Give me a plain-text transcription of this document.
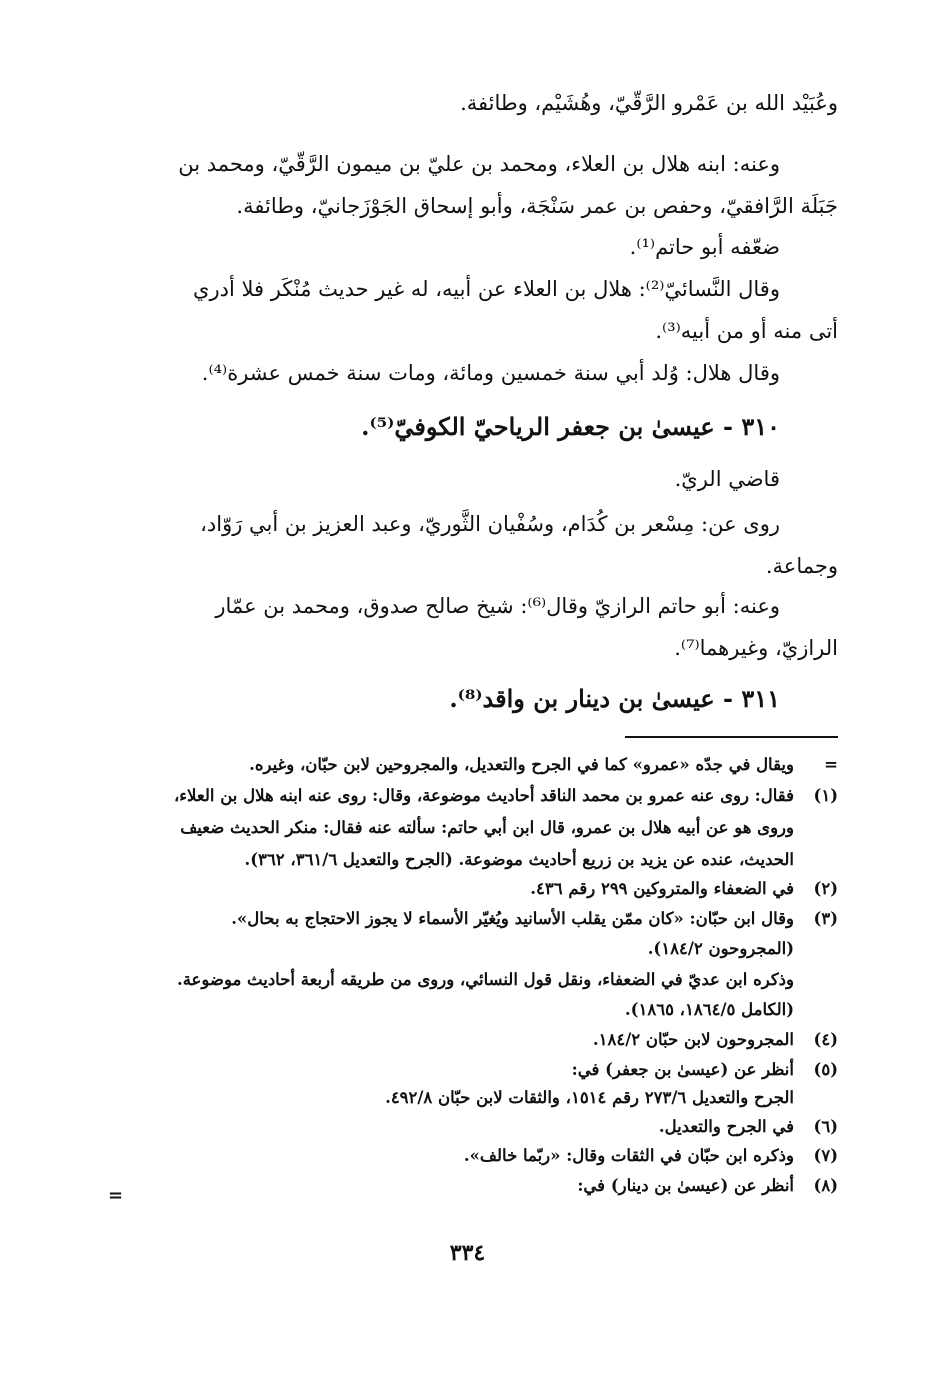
وعُبَيْد الله بن عَمْرو الرَّقّيّ، وهُشَيْم، وطائفة.
وعنه: ابنه هلال بن العلاء، ومحمد بن عليّ بن ميمون الرَّقّيّ، ومحمد بن
جَبَلَة الرَّافقيّ، وحفص بن عمر سَنْجَة، وأبو إسحاق الجَوْزَجانيّ، وطائفة.
ضعّفه أبو حاتم⁽¹⁾.
وقال النَّسائيّ⁽²⁾: هلال بن العلاء عن أبيه، له غير حديث مُنْكَر فلا أدري
أتى منه أو من أبيه⁽³⁾.
وقال هلال: وُلد أبي سنة خمسين ومائة، ومات سنة خمس عشرة⁽⁴⁾.
٣١٠ - عيسىٰ بن جعفر الرياحيّ الكوفيّ⁽⁵⁾.
قاضي الريّ.
روى عن: مِسْعر بن كُدَام، وسُفْيان الثَّوريّ، وعبد العزيز بن أبي رَوّاد،
وجماعة.
وعنه: أبو حاتم الرازيّ وقال⁽⁶⁾: شيخ صالح صدوق، ومحمد بن عمّار
الرازيّ، وغيرهما⁽⁷⁾.
٣١١ - عيسىٰ بن دينار بن واقد⁽⁸⁾.
=
ويقال في جدّه «عمرو» كما في الجرح والتعديل، والمجروحين لابن حبّان، وغيره.
(١)
فقال: روى عنه عمرو بن محمد الناقد أحاديث موضوعة، وقال: روى عنه ابنه هلال بن العلاء،
وروى هو عن أبيه هلال بن عمرو، قال ابن أبي حاتم: سألته عنه فقال: منكر الحديث ضعيف
الحديث، عنده عن يزيد بن زريع أحاديث موضوعة. (الجرح والتعديل ٣٦١/٦، ٣٦٢).
(٢)
في الضعفاء والمتروكين ٢٩٩ رقم ٤٣٦.
(٣)
وقال ابن حبّان: «كان ممّن يقلب الأسانيد ويُغيّر الأسماء لا يجوز الاحتجاج به بحال».
(المجروحون ١٨٤/٢).
وذكره ابن عديّ في الضعفاء، ونقل قول النسائي، وروى من طريقه أربعة أحاديث موضوعة.
(الكامل ١٨٦٤/٥، ١٨٦٥).
(٤)
المجروحون لابن حبّان ١٨٤/٢.
(٥)
أنظر عن (عيسىٰ بن جعفر) في:
الجرح والتعديل ٢٧٣/٦ رقم ١٥١٤، والثقات لابن حبّان ٤٩٢/٨.
(٦)
في الجرح والتعديل.
(٧)
وذكره ابن حبّان في الثقات وقال: «ربّما خالف».
(٨)
أنظر عن (عيسىٰ بن دينار) في:
=
٣٣٤
